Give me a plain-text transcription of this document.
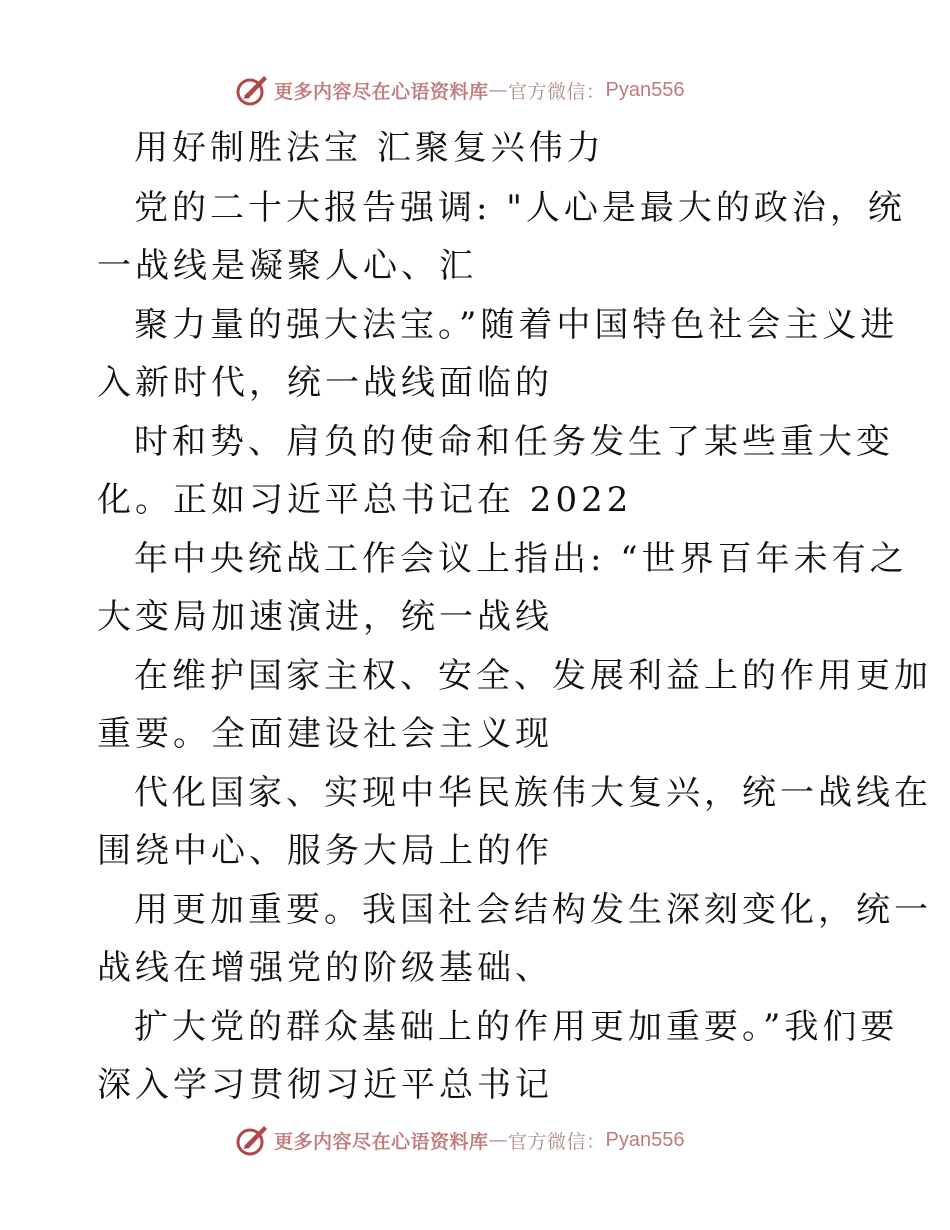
更多内容尽在心语资料库 — 官方微信： Pyan556
用好制胜法宝 汇聚复兴伟力
党的二十大报告强调: "人心是最大的政治，统
一战线是凝聚人心、汇
聚力量的强大法宝。”随着中国特色社会主义进
入新时代，统一战线面临的
时和势、肩负的使命和任务发生了某些重大变
化。正如习近平总书记在 2022
年中央统战工作会议上指出: “世界百年未有之
大变局加速演进，统一战线
在维护国家主权、安全、发展利益上的作用更加
重要。全面建设社会主义现
代化国家、实现中华民族伟大复兴，统一战线在
围绕中心、服务大局上的作
用更加重要。我国社会结构发生深刻变化，统一
战线在增强党的阶级基础、
扩大党的群众基础上的作用更加重要。”我们要
深入学习贯彻习近平总书记
更多内容尽在心语资料库 — 官方微信： Pyan556
